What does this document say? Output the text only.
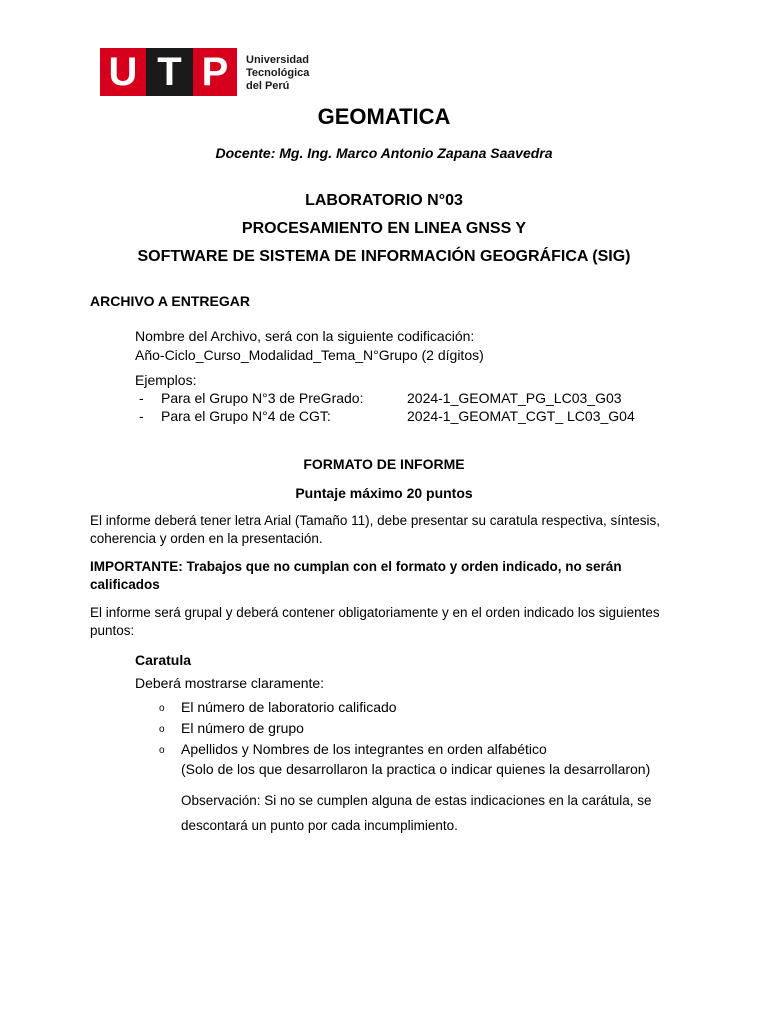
U T P	Universidad
Tecnológica
del Perú
GEOMATICA
Docente: Mg. Ing. Marco Antonio Zapana Saavedra
LABORATORIO N°03
PROCESAMIENTO EN LINEA GNSS Y
SOFTWARE DE SISTEMA DE INFORMACIÓN GEOGRÁFICA (SIG)
ARCHIVO A ENTREGAR
Nombre del Archivo, será con la siguiente codificación:
Año-Ciclo_Curso_Modalidad_Tema_N°Grupo (2 dígitos)
Ejemplos:
- Para el Grupo N°3 de PreGrado:	2024-1_GEOMAT_PG_LC03_G03
- Para el Grupo N°4 de CGT:	2024-1_GEOMAT_CGT_ LC03_G04
FORMATO DE INFORME
Puntaje máximo 20 puntos
El informe deberá tener letra Arial (Tamaño 11), debe presentar su caratula respectiva, síntesis,
coherencia y orden en la presentación.
IMPORTANTE: Trabajos que no cumplan con el formato y orden indicado, no serán
calificados
El informe será grupal y deberá contener obligatoriamente y en el orden indicado los siguientes
puntos:
Caratula
Deberá mostrarse claramente:
o El número de laboratorio calificado
o El número de grupo
o Apellidos y Nombres de los integrantes en orden alfabético
(Solo de los que desarrollaron la practica o indicar quienes la desarrollaron)
Observación: Si no se cumplen alguna de estas indicaciones en la carátula, se
descontará un punto por cada incumplimiento.
